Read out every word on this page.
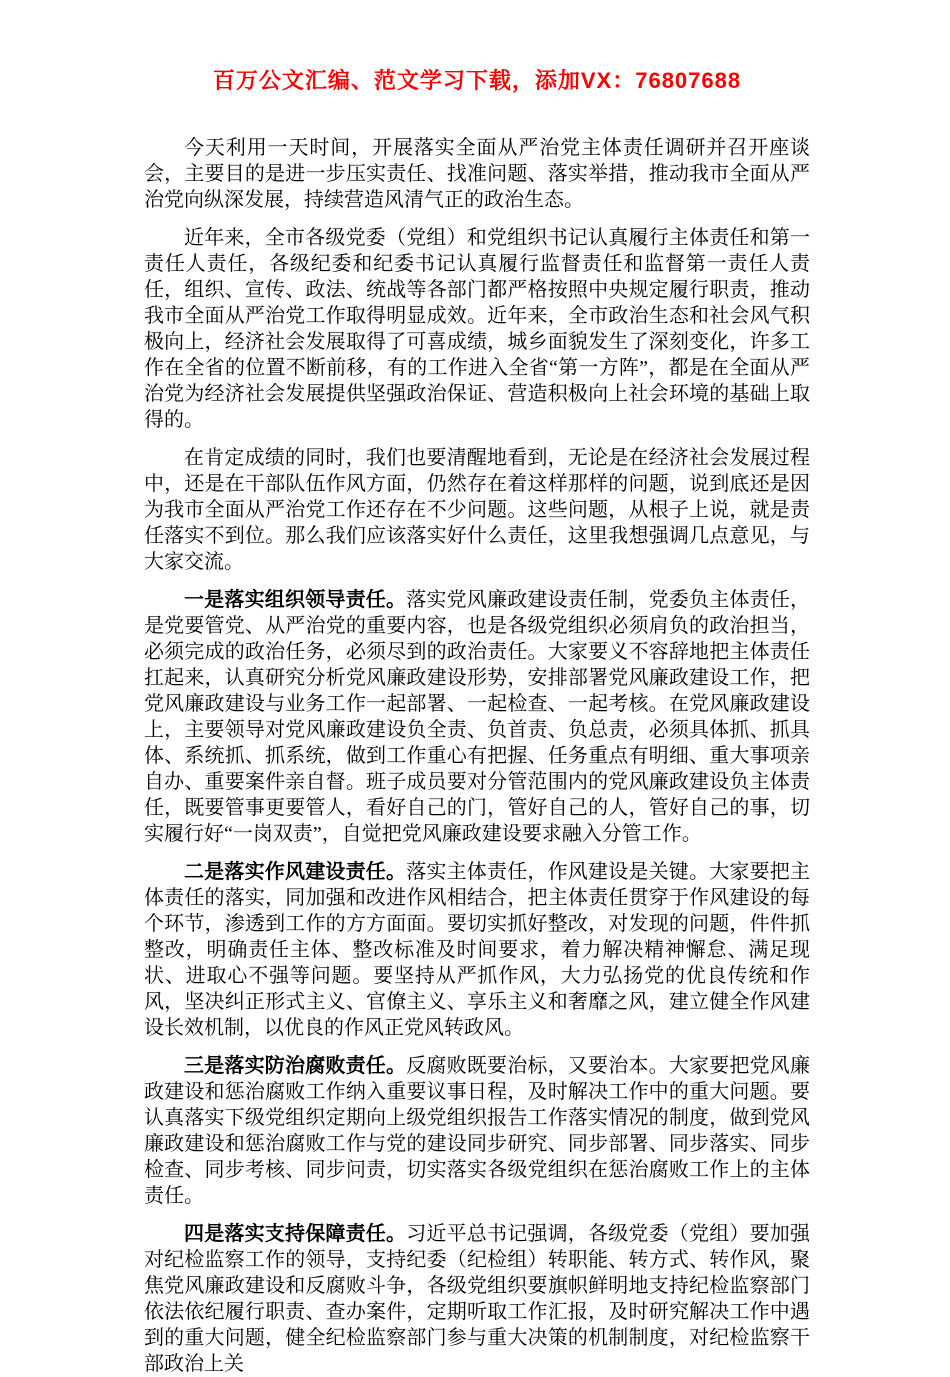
百万公文汇编、范文学习下载，添加VX：76807688

今天利用一天时间，开展落实全面从严治党主体责任调研并召开座谈会，主要目的是进一步压实责任、找准问题、落实举措，推动我市全面从严治党向纵深发展，持续营造风清气正的政治生态。

近年来，全市各级党委（党组）和党组织书记认真履行主体责任和第一责任人责任，各级纪委和纪委书记认真履行监督责任和监督第一责任人责任，组织、宣传、政法、统战等各部门都严格按照中央规定履行职责，推动我市全面从严治党工作取得明显成效。近年来，全市政治生态和社会风气积极向上，经济社会发展取得了可喜成绩，城乡面貌发生了深刻变化，许多工作在全省的位置不断前移，有的工作进入全省“第一方阵”，都是在全面从严治党为经济社会发展提供坚强政治保证、营造积极向上社会环境的基础上取得的。

在肯定成绩的同时，我们也要清醒地看到，无论是在经济社会发展过程中，还是在干部队伍作风方面，仍然存在着这样那样的问题，说到底还是因为我市全面从严治党工作还存在不少问题。这些问题，从根子上说，就是责任落实不到位。那么我们应该落实好什么责任，这里我想强调几点意见，与大家交流。

一是落实组织领导责任。落实党风廉政建设责任制，党委负主体责任，是党要管党、从严治党的重要内容，也是各级党组织必须肩负的政治担当，必须完成的政治任务，必须尽到的政治责任。大家要义不容辞地把主体责任扛起来，认真研究分析党风廉政建设形势，安排部署党风廉政建设工作，把党风廉政建设与业务工作一起部署、一起检查、一起考核。在党风廉政建设上，主要领导对党风廉政建设负全责、负首责、负总责，必须具体抓、抓具体、系统抓、抓系统，做到工作重心有把握、任务重点有明细、重大事项亲自办、重要案件亲自督。班子成员要对分管范围内的党风廉政建设负主体责任，既要管事更要管人，看好自己的门，管好自己的人，管好自己的事，切实履行好“一岗双责”，自觉把党风廉政建设要求融入分管工作。

二是落实作风建设责任。落实主体责任，作风建设是关键。大家要把主体责任的落实，同加强和改进作风相结合，把主体责任贯穿于作风建设的每个环节，渗透到工作的方方面面。要切实抓好整改，对发现的问题，件件抓整改，明确责任主体、整改标准及时间要求，着力解决精神懈怠、满足现状、进取心不强等问题。要坚持从严抓作风，大力弘扬党的优良传统和作风，坚决纠正形式主义、官僚主义、享乐主义和奢靡之风，建立健全作风建设长效机制，以优良的作风正党风转政风。

三是落实防治腐败责任。反腐败既要治标，又要治本。大家要把党风廉政建设和惩治腐败工作纳入重要议事日程，及时解决工作中的重大问题。要认真落实下级党组织定期向上级党组织报告工作落实情况的制度，做到党风廉政建设和惩治腐败工作与党的建设同步研究、同步部署、同步落实、同步检查、同步考核、同步问责，切实落实各级党组织在惩治腐败工作上的主体责任。

四是落实支持保障责任。习近平总书记强调，各级党委（党组）要加强对纪检监察工作的领导，支持纪委（纪检组）转职能、转方式、转作风，聚焦党风廉政建设和反腐败斗争，各级党组织要旗帜鲜明地支持纪检监察部门依法依纪履行职责、查办案件，定期听取工作汇报，及时研究解决工作中遇到的重大问题，健全纪检监察部门参与重大决策的机制制度，对纪检监察干部政治上关
